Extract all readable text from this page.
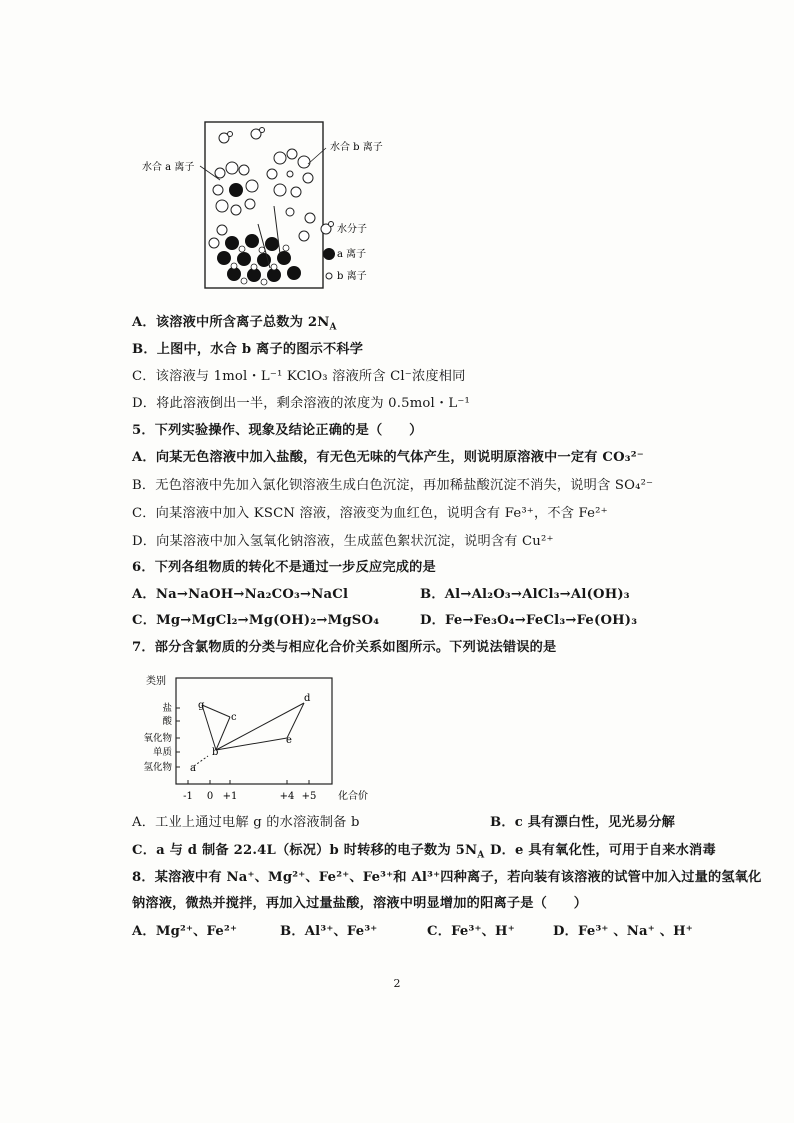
水合 a 离子
水合 b 离子
水分子
a 离子
b 离子
A．该溶液中所含离子总数为 $2N_A$
B．上图中，水合 b 离子的图示不科学
C．该溶液与 1mol・L⁻¹ KClO₃ 溶液所含 Cl⁻浓度相同
D．将此溶液倒出一半，剩余溶液的浓度为 0.5mol・L⁻¹
5．下列实验操作、现象及结论正确的是（　　）
A．向某无色溶液中加入盐酸，有无色无味的气体产生，则说明原溶液中一定有 CO₃²⁻
B．无色溶液中先加入氯化钡溶液生成白色沉淀，再加稀盐酸沉淀不消失，说明含 SO₄²⁻
C．向某溶液中加入 KSCN 溶液，溶液变为血红色，说明含有 Fe³⁺，不含 Fe²⁺
D．向某溶液中加入氢氧化钠溶液，生成蓝色絮状沉淀，说明含有 Cu²⁺
6．下列各组物质的转化不是通过一步反应完成的是
A．Na→NaOH→Na₂CO₃→NaCl	B．Al→Al₂O₃→AlCl₃→Al(OH)₃
C．Mg→MgCl₂→Mg(OH)₂→MgSO₄	D．Fe→Fe₃O₄→FeCl₃→Fe(OH)₃
7．部分含氯物质的分类与相应化合价关系如图所示。下列说法错误的是
类别
盐
酸
氧化物
单质
氢化物
-1 0 +1	+4 +5 化合价
g
c
d
e
b
a
A．工业上通过电解 g 的水溶液制备 b	B．c 具有漂白性，见光易分解
C．a 与 d 制备 22.4L（标况）b 时转移的电子数为 $5N_A$ D．e 具有氧化性，可用于自来水消毒
8．某溶液中有 Na⁺、Mg²⁺、Fe²⁺、Fe³⁺和 Al³⁺四种离子，若向装有该溶液的试管中加入过量的氢氧化
钠溶液，微热并搅拌，再加入过量盐酸，溶液中明显增加的阳离子是（　　）
A．Mg²⁺、Fe²⁺	B．Al³⁺、Fe³⁺	C．Fe³⁺、H⁺	D．Fe³⁺ 、Na⁺ 、H⁺
2
